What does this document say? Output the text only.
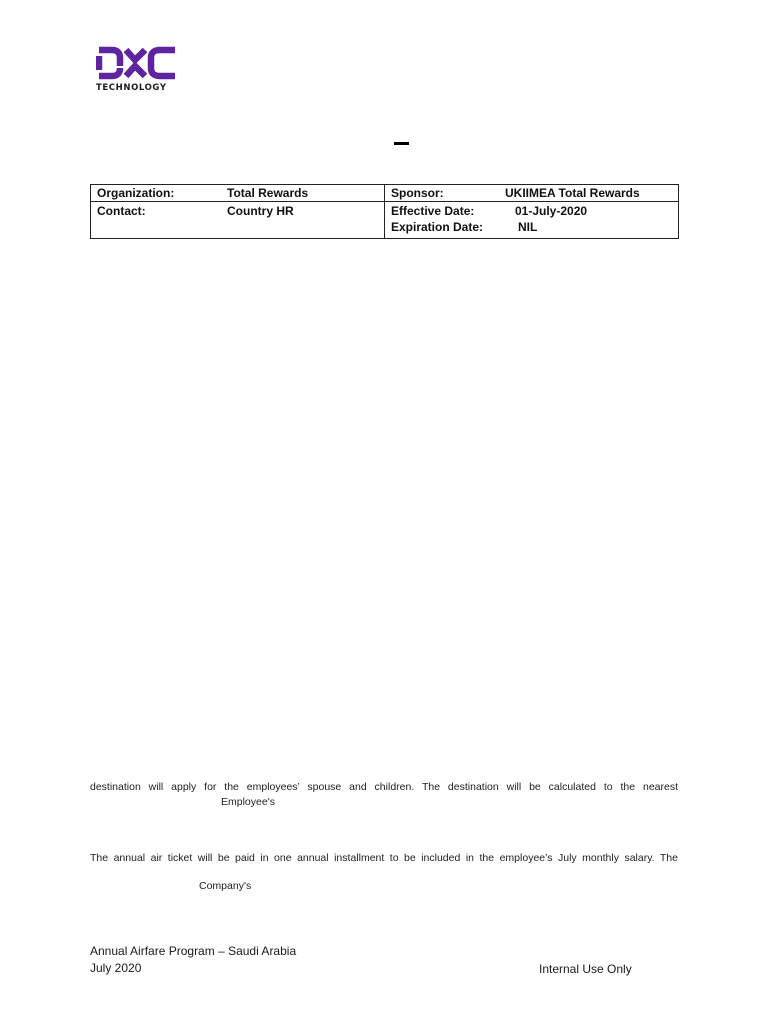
TECHNOLOGY
Organization: Total Rewards	Sponsor: UKIIMEA Total Rewards
Contact: Country HR	Effective Date: 01-July-2020
Expiration Date: NIL
destination will apply for the employees’ spouse and children. The destination will be calculated to the nearest
Employee's
The annual air ticket will be paid in one annual installment to be included in the employee’s July monthly salary. The
Company's
Annual Airfare Program – Saudi Arabia
July 2020	Internal Use Only
